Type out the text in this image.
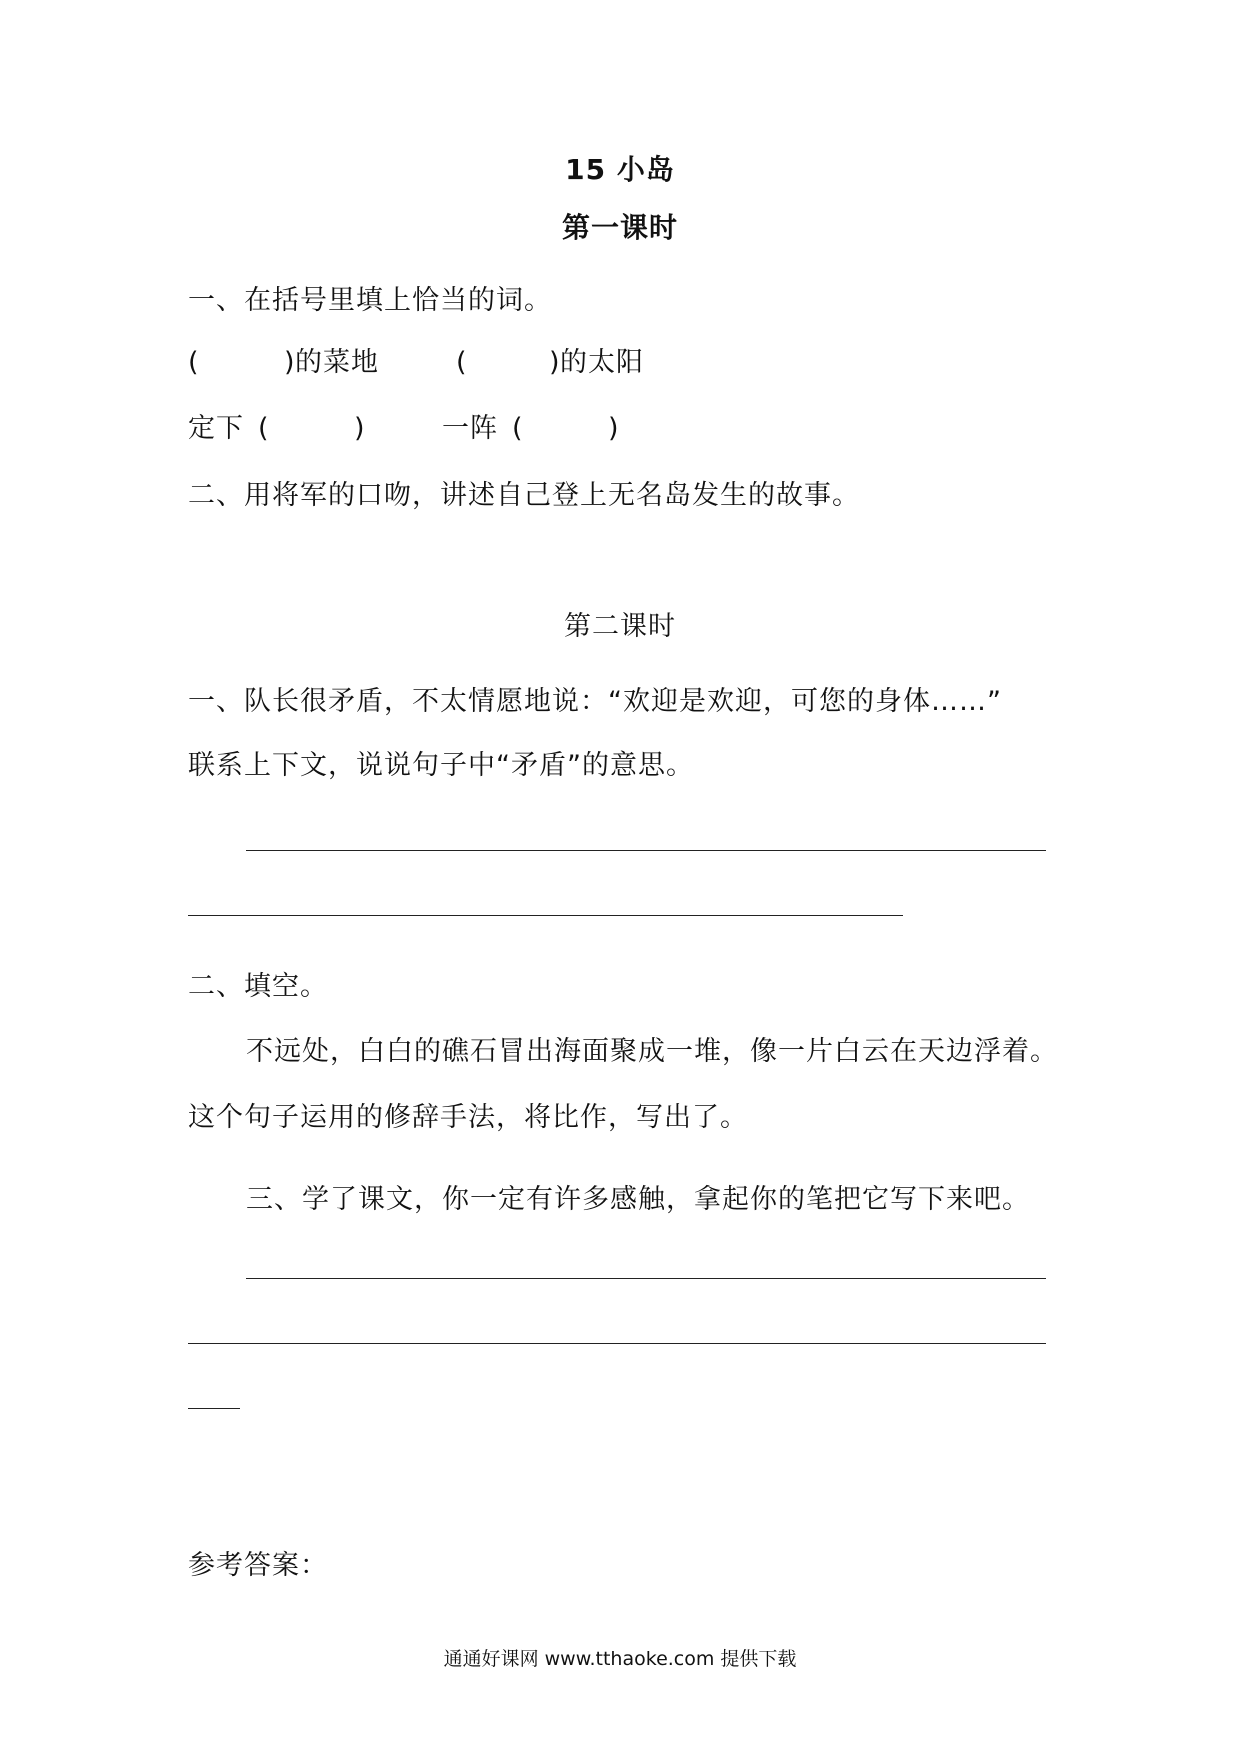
15 小岛
第一课时
一、在括号里填上恰当的词。
(	) 的菜地	(	) 的太阳
定下 (	)	一阵 (	)
二、用将军的口吻，讲述自己登上无名岛发生的故事。
第二课时
一、队长很矛盾，不太情愿地说：“欢迎是欢迎，可您的身体……”
联系上下文，说说句子中“矛盾”的意思。
二、填空。
不远处，白白的礁石冒出海面聚成一堆，像一片白云在天边浮着。
这个句子运用的修辞手法，将比作，写出了。
三、学了课文，你一定有许多感触，拿起你的笔把它写下来吧。
参考答案：
通通好课网 www.tthaoke.com 提供下载
